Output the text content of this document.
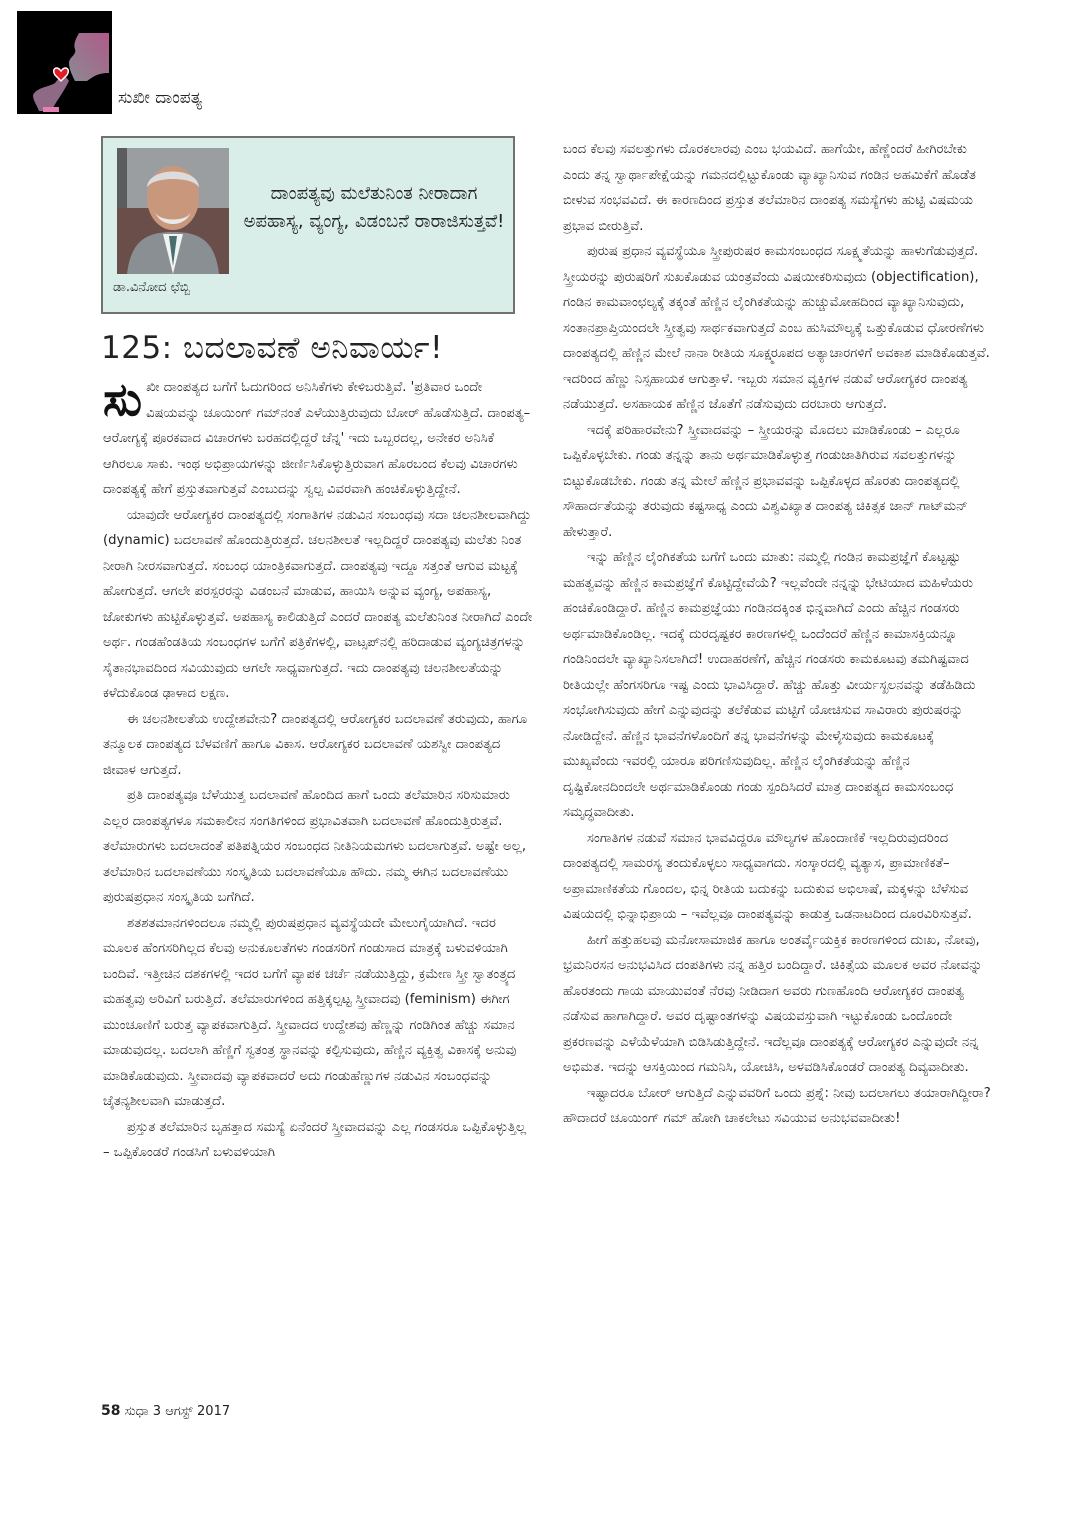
ಸುಖೀ ದಾಂಪತ್ಯ
ಡಾ.ವಿನೋದ ಛೆಬ್ಬಿ
ದಾಂಪತ್ಯವು ಮಲೆತುನಿಂತ ನೀರಾದಾಗ ಅಪಹಾಸ್ಯ, ವ್ಯಂಗ್ಯ, ವಿಡಂಬನೆ ರಾರಾಜಿಸುತ್ತವೆ!
125: ಬದಲಾವಣೆ ಅನಿವಾರ್ಯ!

ಸುಖೀ ದಾಂಪತ್ಯದ ಬಗೆಗೆ ಓದುಗರಿಂದ ಅನಿಸಿಕೆಗಳು ಕೇಳಿಬರುತ್ತಿವೆ. 'ಪ್ರತಿವಾರ ಒಂದೇ ವಿಷಯವನ್ನು ಚೂಯಿಂಗ್ ಗಮ್‌ನಂತೆ ಎಳೆಯುತ್ತಿರುವುದು ಬೋರ್ ಹೊಡೆಸುತ್ತಿದೆ. ದಾಂಪತ್ಯ–ಆರೋಗ್ಯಕ್ಕೆ ಪೂರಕವಾದ ವಿಚಾರಗಳು ಬರಹದಲ್ಲಿದ್ದರೆ ಚೆನ್ನ' ಇದು ಒಬ್ಬರದಲ್ಲ, ಅನೇಕರ ಅನಿಸಿಕೆ ಆಗಿರಲೂ ಸಾಕು. ಇಂಥ ಅಭಿಪ್ರಾಯಗಳನ್ನು ಜೀರ್ಣಿಸಿಕೊಳ್ಳುತ್ತಿರುವಾಗ ಹೊರಬಂದ ಕೆಲವು ವಿಚಾರಗಳು ದಾಂಪತ್ಯಕ್ಕೆ ಹೇಗೆ ಪ್ರಸ್ತುತವಾಗುತ್ತವೆ ಎಂಬುದನ್ನು ಸ್ವಲ್ಪ ವಿವರವಾಗಿ ಹಂಚಿಕೊಳ್ಳುತ್ತಿದ್ದೇನೆ.

ಯಾವುದೇ ಆರೋಗ್ಯಕರ ದಾಂಪತ್ಯದಲ್ಲಿ ಸಂಗಾತಿಗಳ ನಡುವಿನ ಸಂಬಂಧವು ಸದಾ ಚಲನಶೀಲವಾಗಿದ್ದು (dynamic) ಬದಲಾವಣೆ ಹೊಂದುತ್ತಿರುತ್ತದೆ. ಚಲನಶೀಲತೆ ಇಲ್ಲದಿದ್ದರೆ ದಾಂಪತ್ಯವು ಮಲೆತು ನಿಂತ ನೀರಾಗಿ ನೀರಸವಾಗುತ್ತದೆ. ಸಂಬಂಧ ಯಾಂತ್ರಿಕವಾಗುತ್ತದೆ. ದಾಂಪತ್ಯವು ಇದ್ದೂ ಸತ್ತಂತೆ ಆಗುವ ಮಟ್ಟಕ್ಕೆ ಹೋಗುತ್ತದೆ. ಆಗಲೇ ಪರಸ್ಪರರನ್ನು ವಿಡಂಬನೆ ಮಾಡುವ, ಹಾಯಿಸಿ ಅನ್ನುವ ವ್ಯಂಗ್ಯ, ಅಪಹಾಸ್ಯ, ಜೋಕುಗಳು ಹುಟ್ಟಿಕೊಳ್ಳುತ್ತವೆ. ಅಪಹಾಸ್ಯ ಕಾಲಿಡುತ್ತಿದೆ ಎಂದರೆ ದಾಂಪತ್ಯ ಮಲೆತುನಿಂತ ನೀರಾಗಿದೆ ಎಂದೇ ಅರ್ಥ. ಗಂಡಹೆಂಡತಿಯ ಸಂಬಂಧಗಳ ಬಗೆಗೆ ಪತ್ರಿಕೆಗಳಲ್ಲಿ, ವಾಟ್ಸಪ್‌ನಲ್ಲಿ ಹರಿದಾಡುವ ವ್ಯಂಗ್ಯಚಿತ್ರಗಳನ್ನು ಸೈತಾನಭಾವದಿಂದ ಸವಿಯುವುದು ಆಗಲೇ ಸಾಧ್ಯವಾಗುತ್ತದೆ. ಇದು ದಾಂಪತ್ಯವು ಚಲನಶೀಲತೆಯನ್ನು ಕಳೆದುಕೊಂಡ ಢಾಳಾದ ಲಕ್ಷಣ.

ಈ ಚಲನಶೀಲತೆಯ ಉದ್ದೇಶವೇನು? ದಾಂಪತ್ಯದಲ್ಲಿ ಆರೋಗ್ಯಕರ ಬದಲಾವಣೆ ತರುವುದು, ಹಾಗೂ ತನ್ಮೂಲಕ ದಾಂಪತ್ಯದ ಬೆಳವಣಿಗೆ ಹಾಗೂ ವಿಕಾಸ. ಆರೋಗ್ಯಕರ ಬದಲಾವಣೆ ಯಶಸ್ವೀ ದಾಂಪತ್ಯದ ಜೀವಾಳ ಆಗುತ್ತದೆ.

ಪ್ರತಿ ದಾಂಪತ್ಯವೂ ಬೆಳೆಯುತ್ತ ಬದಲಾವಣೆ ಹೊಂದಿದ ಹಾಗೆ ಒಂದು ತಲೆಮಾರಿನ ಸರಿಸುಮಾರು ಎಲ್ಲರ ದಾಂಪತ್ಯಗಳೂ ಸಮಕಾಲೀನ ಸಂಗತಿಗಳಿಂದ ಪ್ರಭಾವಿತವಾಗಿ ಬದಲಾವಣೆ ಹೊಂದುತ್ತಿರುತ್ತವೆ. ತಲೆಮಾರುಗಳು ಬದಲಾದಂತೆ ಪತಿಪತ್ನಿಯರ ಸಂಬಂಧದ ನೀತಿನಿಯಮಗಳು ಬದಲಾಗುತ್ತವೆ. ಅಷ್ಟೇ ಅಲ್ಲ, ತಲೆಮಾರಿನ ಬದಲಾವಣೆಯು ಸಂಸ್ಕೃತಿಯ ಬದಲಾವಣೆಯೂ ಹೌದು. ನಮ್ಮ ಈಗಿನ ಬದಲಾವಣೆಯು ಪುರುಷಪ್ರಧಾನ ಸಂಸ್ಕೃತಿಯ ಬಗೆಗಿದೆ.

ಶತಶತಮಾನಗಳಿಂದಲೂ ನಮ್ಮಲ್ಲಿ ಪುರುಷಪ್ರಧಾನ ವ್ಯವಸ್ಥೆಯದೇ ಮೇಲುಗೈಯಾಗಿದೆ. ಇದರ ಮೂಲಕ ಹೆಂಗಸರಿಗಿಲ್ಲದ ಕೆಲವು ಅನುಕೂಲತೆಗಳು ಗಂಡಸರಿಗೆ ಗಂಡುಸಾದ ಮಾತ್ರಕ್ಕೆ ಬಳುವಳಿಯಾಗಿ ಬಂದಿವೆ. ಇತ್ತೀಚಿನ ದಶಕಗಳಲ್ಲಿ ಇದರ ಬಗೆಗೆ ವ್ಯಾಪಕ ಚರ್ಚೆ ನಡೆಯುತ್ತಿದ್ದು, ಕ್ರಮೇಣ ಸ್ತ್ರೀ ಸ್ವಾತಂತ್ರ್ಯದ ಮಹತ್ವವು ಅರಿವಿಗೆ ಬರುತ್ತಿದೆ. ತಲೆಮಾರುಗಳಿಂದ ಹತ್ತಿಕ್ಕಲ್ಪಟ್ಟ ಸ್ತ್ರೀವಾದವು (feminism) ಈಗೀಗ ಮುಂಚೂಣಿಗೆ ಬರುತ್ತ ವ್ಯಾಪಕವಾಗುತ್ತಿದೆ. ಸ್ತ್ರೀವಾದದ ಉದ್ದೇಶವು ಹೆಣ್ಣನ್ನು ಗಂಡಿಗಿಂತ ಹೆಚ್ಚು ಸಮಾನ ಮಾಡುವುದಲ್ಲ. ಬದಲಾಗಿ ಹೆಣ್ಣಿಗೆ ಸ್ವತಂತ್ರ ಸ್ಥಾನವನ್ನು ಕಲ್ಪಿಸುವುದು, ಹೆಣ್ಣಿನ ವ್ಯಕ್ತಿತ್ವ ವಿಕಾಸಕ್ಕೆ ಅನುವು ಮಾಡಿಕೊಡುವುದು. ಸ್ತ್ರೀವಾದವು ವ್ಯಾಪಕವಾದರೆ ಅದು ಗಂಡುಹೆಣ್ಣುಗಳ ನಡುವಿನ ಸಂಬಂಧವನ್ನು ಚೈತನ್ಯಶೀಲವಾಗಿ ಮಾಡುತ್ತದೆ.

ಪ್ರಸ್ತುತ ತಲೆಮಾರಿನ ಬೃಹತ್ತಾದ ಸಮಸ್ಯೆ ಏನೆಂದರೆ ಸ್ತ್ರೀವಾದವನ್ನು ಎಲ್ಲ ಗಂಡಸರೂ ಒಪ್ಪಿಕೊಳ್ಳುತ್ತಿಲ್ಲ – ಒಪ್ಪಿಕೊಂಡರೆ ಗಂಡಸಿಗೆ ಬಳುವಳಿಯಾಗಿ

ಬಂದ ಕೆಲವು ಸವಲತ್ತುಗಳು ದೊರಕಲಾರವು ಎಂಬ ಭಯವಿದೆ. ಹಾಗೆಯೇ, ಹೆಣ್ಣೆಂದರೆ ಹೀಗಿರಬೇಕು ಎಂದು ತನ್ನ ಸ್ವಾರ್ಥಾಪೇಕ್ಷೆಯನ್ನು ಗಮನದಲ್ಲಿಟ್ಟುಕೊಂಡು ವ್ಯಾಖ್ಯಾನಿಸುವ ಗಂಡಿನ ಅಹಮಿಕೆಗೆ ಹೊಡೆತ ಬೀಳುವ ಸಂಭವವಿದೆ. ಈ ಕಾರಣದಿಂದ ಪ್ರಸ್ತುತ ತಲೆಮಾರಿನ ದಾಂಪತ್ಯ ಸಮಸ್ಯೆಗಳು ಹುಟ್ಟಿ ವಿಷಮಯ ಪ್ರಭಾವ ಬೀರುತ್ತಿವೆ.

ಪುರುಷ ಪ್ರಧಾನ ವ್ಯವಸ್ಥೆಯೂ ಸ್ತ್ರೀಪುರುಷರ ಕಾಮಸಂಬಂಧದ ಸೂಕ್ಷ್ಮತೆಯನ್ನು ಹಾಳುಗೆಡುವುತ್ತದೆ. ಸ್ತ್ರೀಯರನ್ನು ಪುರುಷರಿಗೆ ಸುಖಕೊಡುವ ಯಂತ್ರವೆಂದು ವಿಷಯೀಕರಿಸುವುದು (objectification), ಗಂಡಿನ ಕಾಮವಾಂಛಲ್ಯಕ್ಕೆ ತಕ್ಕಂತೆ ಹೆಣ್ಣಿನ ಲೈಂಗಿಕತೆಯನ್ನು ಹುಚ್ಚುಮೋಹದಿಂದ ವ್ಯಾಖ್ಯಾನಿಸುವುದು, ಸಂತಾನಪ್ರಾಪ್ತಿಯಿಂದಲೇ ಸ್ತ್ರೀತ್ವವು ಸಾರ್ಥಕವಾಗುತ್ತದೆ ಎಂಬ ಹುಸಿಮೌಲ್ಯಕ್ಕೆ ಒತ್ತುಕೊಡುವ ಧೋರಣೆಗಳು ದಾಂಪತ್ಯದಲ್ಲಿ ಹೆಣ್ಣಿನ ಮೇಲೆ ನಾನಾ ರೀತಿಯ ಸೂಕ್ಷ್ಮರೂಪದ ಅತ್ಯಾಚಾರಗಳಿಗೆ ಅವಕಾಶ ಮಾಡಿಕೊಡುತ್ತವೆ. ಇದರಿಂದ ಹೆಣ್ಣು ನಿಸ್ಸಹಾಯಕ ಆಗುತ್ತಾಳೆ. ಇಬ್ಬರು ಸಮಾನ ವ್ಯಕ್ತಿಗಳ ನಡುವೆ ಆರೋಗ್ಯಕರ ದಾಂಪತ್ಯ ನಡೆಯುತ್ತದೆ. ಅಸಹಾಯಕ ಹೆಣ್ಣಿನ ಜೊತೆಗೆ ನಡೆಸುವುದು ದರಬಾರು ಆಗುತ್ತದೆ.

ಇದಕ್ಕೆ ಪರಿಹಾರವೇನು? ಸ್ತ್ರೀವಾದವನ್ನು – ಸ್ತ್ರೀಯರನ್ನು ಮೊದಲು ಮಾಡಿಕೊಂಡು – ಎಲ್ಲರೂ ಒಪ್ಪಿಕೊಳ್ಳಬೇಕು. ಗಂಡು ತನ್ನನ್ನು ತಾನು ಅರ್ಥಮಾಡಿಕೊಳ್ಳುತ್ತ ಗಂಡುಜಾತಿಗಿರುವ ಸವಲತ್ತುಗಳನ್ನು ಬಿಟ್ಟುಕೊಡಬೇಕು. ಗಂಡು ತನ್ನ ಮೇಲೆ ಹೆಣ್ಣಿನ ಪ್ರಭಾವವನ್ನು ಒಪ್ಪಿಕೊಳ್ಳದ ಹೊರತು ದಾಂಪತ್ಯದಲ್ಲಿ ಸೌಹಾರ್ದತೆಯನ್ನು ತರುವುದು ಕಷ್ಟಸಾಧ್ಯ ಎಂದು ವಿಶ್ವವಿಖ್ಯಾತ ದಾಂಪತ್ಯ ಚಿಕಿತ್ಸಕ ಜಾನ್ ಗಾಟ್‌ಮನ್ ಹೇಳುತ್ತಾರೆ.

ಇನ್ನು ಹೆಣ್ಣಿನ ಲೈಂಗಿಕತೆಯ ಬಗೆಗೆ ಒಂದು ಮಾತು: ನಮ್ಮಲ್ಲಿ ಗಂಡಿನ ಕಾಮಪ್ರಜ್ಞೆಗೆ ಕೊಟ್ಟಷ್ಟು ಮಹತ್ವವನ್ನು ಹೆಣ್ಣಿನ ಕಾಮಪ್ರಜ್ಞೆಗೆ ಕೊಟ್ಟಿದ್ದೇವೆಯೆ? ಇಲ್ಲವೆಂದೇ ನನ್ನನ್ನು ಭೇಟಿಯಾದ ಮಹಿಳೆಯರು ಹಂಚಿಕೊಂಡಿದ್ದಾರೆ. ಹೆಣ್ಣಿನ ಕಾಮಪ್ರಜ್ಞೆಯು ಗಂಡಿನದಕ್ಕಿಂತ ಭಿನ್ನವಾಗಿದೆ ಎಂದು ಹೆಚ್ಚಿನ ಗಂಡಸರು ಅರ್ಥಮಾಡಿಕೊಂಡಿಲ್ಲ. ಇದಕ್ಕೆ ದುರದೃಷ್ಟಕರ ಕಾರಣಗಳಲ್ಲಿ ಒಂದೆಂದರೆ ಹೆಣ್ಣಿನ ಕಾಮಾಸಕ್ತಿಯನ್ನೂ ಗಂಡಿನಿಂದಲೇ ವ್ಯಾಖ್ಯಾನಿಸಲಾಗಿದೆ! ಉದಾಹರಣೆಗೆ, ಹೆಚ್ಚಿನ ಗಂಡಸರು ಕಾಮಕೂಟವು ತಮಗಿಷ್ಟವಾದ ರೀತಿಯಲ್ಲೇ ಹೆಂಗಸರಿಗೂ ಇಷ್ಟ ಎಂದು ಭಾವಿಸಿದ್ದಾರೆ. ಹೆಚ್ಚು ಹೊತ್ತು ವೀರ್ಯಸ್ಖಲನವನ್ನು ತಡೆಹಿಡಿದು ಸಂಭೋಗಿಸುವುದು ಹೇಗೆ ಎನ್ನುವುದನ್ನು ತಲೆಕೆಡುವ ಮಟ್ಟಿಗೆ ಯೋಚಿಸುವ ಸಾವಿರಾರು ಪುರುಷರನ್ನು ನೋಡಿದ್ದೇನೆ. ಹೆಣ್ಣಿನ ಭಾವನೆಗಳೊಂದಿಗೆ ತನ್ನ ಭಾವನೆಗಳನ್ನು ಮೇಳೈಸುವುದು ಕಾಮಕೂಟಕ್ಕೆ ಮುಖ್ಯವೆಂದು ಇವರಲ್ಲಿ ಯಾರೂ ಪರಿಗಣಿಸುವುದಿಲ್ಲ. ಹೆಣ್ಣಿನ ಲೈಂಗಿಕತೆಯನ್ನು ಹೆಣ್ಣಿನ ದೃಷ್ಟಿಕೋನದಿಂದಲೇ ಅರ್ಥಮಾಡಿಕೊಂಡು ಗಂಡು ಸ್ಪಂದಿಸಿದರೆ ಮಾತ್ರ ದಾಂಪತ್ಯದ ಕಾಮಸಂಬಂಧ ಸಮೃದ್ಧವಾದೀತು.

ಸಂಗಾತಿಗಳ ನಡುವೆ ಸಮಾನ ಭಾವವಿದ್ದರೂ ಮೌಲ್ಯಗಳ ಹೊಂದಾಣಿಕೆ ಇಲ್ಲದಿರುವುದರಿಂದ ದಾಂಪತ್ಯದಲ್ಲಿ ಸಾಮರಸ್ಯ ತಂದುಕೊಳ್ಳಲು ಸಾಧ್ಯವಾಗದು. ಸಂಸ್ಕಾರದಲ್ಲಿ ವ್ಯತ್ಯಾಸ, ಪ್ರಾಮಾಣಿಕತೆ–ಅಪ್ರಾಮಾಣಿಕತೆಯ ಗೊಂದಲ, ಭಿನ್ನ ರೀತಿಯ ಬದುಕನ್ನು ಬದುಕುವ ಅಭಿಲಾಷೆ, ಮಕ್ಕಳನ್ನು ಬೆಳೆಸುವ ವಿಷಯದಲ್ಲಿ ಭಿನ್ನಾಭಿಪ್ರಾಯ – ಇವೆಲ್ಲವೂ ದಾಂಪತ್ಯವನ್ನು ಕಾಡುತ್ತ ಒಡನಾಟದಿಂದ ದೂರವಿರಿಸುತ್ತವೆ.

ಹೀಗೆ ಹತ್ತುಹಲವು ಮನೋಸಾಮಾಜಿಕ ಹಾಗೂ ಅಂತರ್ವೈಯಕ್ತಿಕ ಕಾರಣಗಳಿಂದ ದುಃಖ, ನೋವು, ಭ್ರಮನಿರಸನ ಅನುಭವಿಸಿದ ದಂಪತಿಗಳು ನನ್ನ ಹತ್ತಿರ ಬಂದಿದ್ದಾರೆ. ಚಿಕಿತ್ಸೆಯ ಮೂಲಕ ಅವರ ನೋವನ್ನು ಹೊರತಂದು ಗಾಯ ಮಾಯುವಂತೆ ನೆರವು ನೀಡಿದಾಗ ಅವರು ಗುಣಹೊಂದಿ ಆರೋಗ್ಯಕರ ದಾಂಪತ್ಯ ನಡೆಸುವ ಹಾಗಾಗಿದ್ದಾರೆ. ಅವರ ದೃಷ್ಟಾಂತಗಳನ್ನು ವಿಷಯವಸ್ತುವಾಗಿ ಇಟ್ಟುಕೊಂಡು ಒಂದೊಂದೇ ಪ್ರಕರಣವನ್ನು ಎಳೆಯೆಳೆಯಾಗಿ ಬಿಡಿಸಿಡುತ್ತಿದ್ದೇನೆ. ಇದೆಲ್ಲವೂ ದಾಂಪತ್ಯಕ್ಕೆ ಆರೋಗ್ಯಕರ ಎನ್ನುವುದೇ ನನ್ನ ಅಭಿಮತ. ಇದನ್ನು ಆಸಕ್ತಿಯಿಂದ ಗಮನಿಸಿ, ಯೋಚಿಸಿ, ಅಳವಡಿಸಿಕೊಂಡರೆ ದಾಂಪತ್ಯ ದಿವ್ಯವಾದೀತು.

ಇಷ್ಟಾದರೂ ಬೋರ್ ಆಗುತ್ತಿದೆ ಎನ್ನುವವರಿಗೆ ಒಂದು ಪ್ರಶ್ನೆ: ನೀವು ಬದಲಾಗಲು ತಯಾರಾಗಿದ್ದೀರಾ? ಹೌದಾದರೆ ಚೂಯಿಂಗ್ ಗಮ್ ಹೋಗಿ ಚಾಕಲೇಟು ಸವಿಯುವ ಅನುಭವವಾದೀತು!

58 ಸುಧಾ 3 ಆಗಸ್ಟ್ 2017
